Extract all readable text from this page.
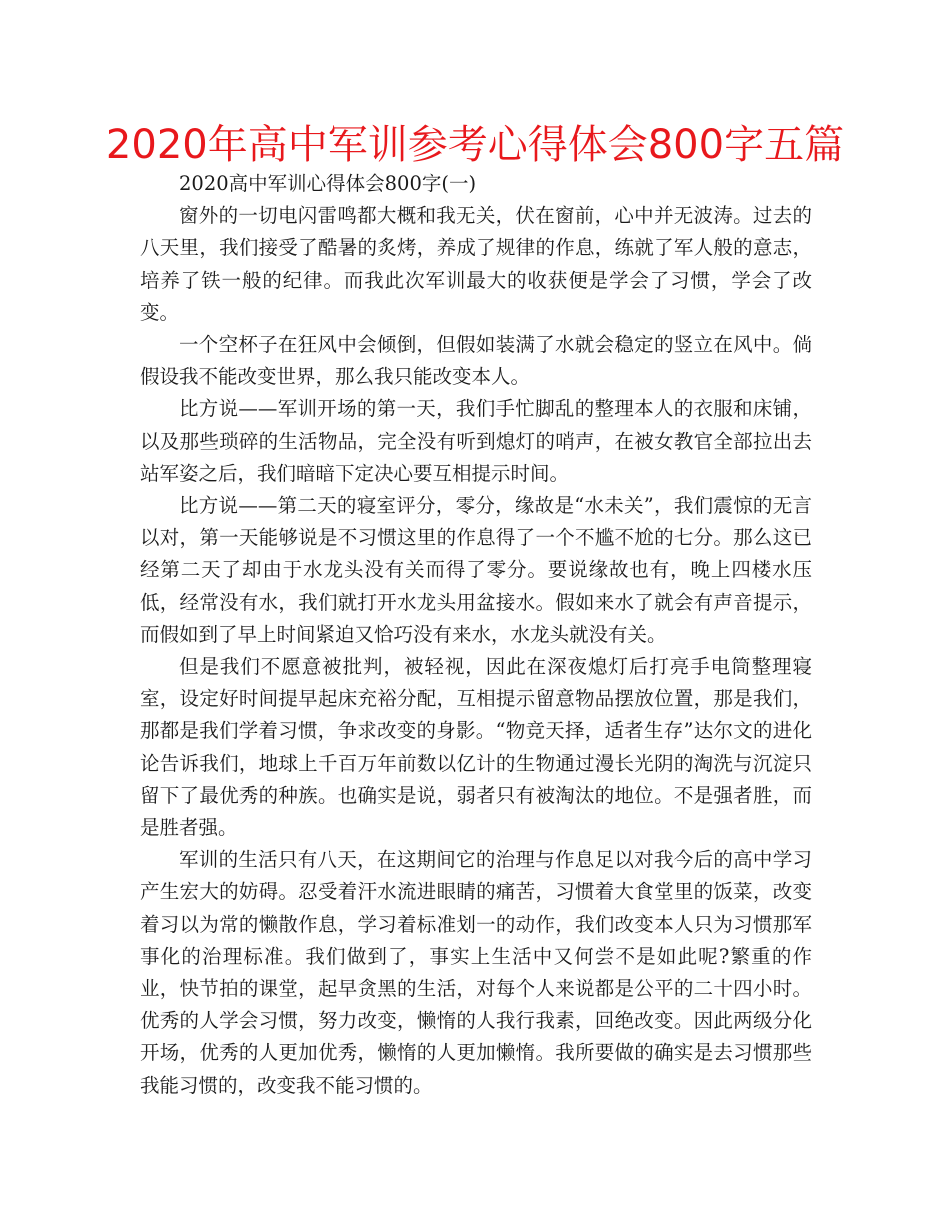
2020年高中军训参考心得体会800字五篇

2020高中军训心得体会800字(一)

窗外的一切电闪雷鸣都大概和我无关，伏在窗前，心中并无波涛。过去的八天里，我们接受了酷暑的炙烤，养成了规律的作息，练就了军人般的意志，培养了铁一般的纪律。而我此次军训最大的收获便是学会了习惯，学会了改变。

一个空杯子在狂风中会倾倒，但假如装满了水就会稳定的竖立在风中。倘假设我不能改变世界，那么我只能改变本人。

比方说——军训开场的第一天，我们手忙脚乱的整理本人的衣服和床铺，以及那些琐碎的生活物品，完全没有听到熄灯的哨声，在被女教官全部拉出去站军姿之后，我们暗暗下定决心要互相提示时间。

比方说——第二天的寝室评分，零分，缘故是“水未关”，我们震惊的无言以对，第一天能够说是不习惯这里的作息得了一个不尴不尬的七分。那么这已经第二天了却由于水龙头没有关而得了零分。要说缘故也有，晚上四楼水压低，经常没有水，我们就打开水龙头用盆接水。假如来水了就会有声音提示，而假如到了早上时间紧迫又恰巧没有来水，水龙头就没有关。

但是我们不愿意被批判，被轻视，因此在深夜熄灯后打亮手电筒整理寝室，设定好时间提早起床充裕分配，互相提示留意物品摆放位置，那是我们，那都是我们学着习惯，争求改变的身影。“物竞天择，适者生存”达尔文的进化论告诉我们，地球上千百万年前数以亿计的生物通过漫长光阴的淘洗与沉淀只留下了最优秀的种族。也确实是说，弱者只有被淘汰的地位。不是强者胜，而是胜者强。

军训的生活只有八天，在这期间它的治理与作息足以对我今后的高中学习产生宏大的妨碍。忍受着汗水流进眼睛的痛苦，习惯着大食堂里的饭菜，改变着习以为常的懒散作息，学习着标准划一的动作，我们改变本人只为习惯那军事化的治理标准。我们做到了，事实上生活中又何尝不是如此呢?繁重的作业，快节拍的课堂，起早贪黑的生活，对每个人来说都是公平的二十四小时。优秀的人学会习惯，努力改变，懒惰的人我行我素，回绝改变。因此两级分化开场，优秀的人更加优秀，懒惰的人更加懒惰。我所要做的确实是去习惯那些我能习惯的，改变我不能习惯的。
